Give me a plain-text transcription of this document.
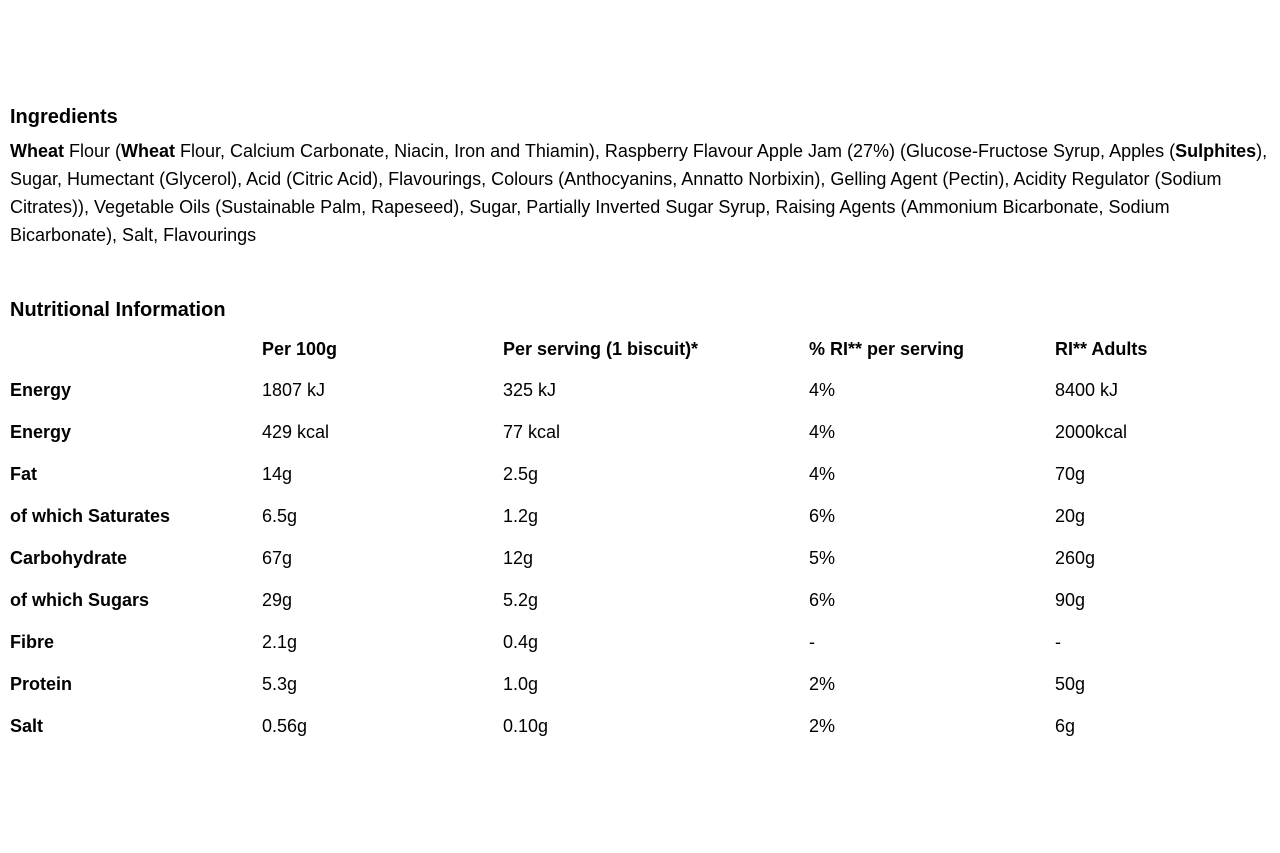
Ingredients

Wheat Flour (Wheat Flour, Calcium Carbonate, Niacin, Iron and Thiamin), Raspberry Flavour Apple Jam (27%) (Glucose-Fructose Syrup, Apples (Sulphites), Sugar, Humectant (Glycerol), Acid (Citric Acid), Flavourings, Colours (Anthocyanins, Annatto Norbixin), Gelling Agent (Pectin), Acidity Regulator (Sodium Citrates)), Vegetable Oils (Sustainable Palm, Rapeseed), Sugar, Partially Inverted Sugar Syrup, Raising Agents (Ammonium Bicarbonate, Sodium Bicarbonate), Salt, Flavourings

Nutritional Information
	Per 100g	Per serving (1 biscuit)*	% RI** per serving	RI** Adults
Energy	1807 kJ	325 kJ	4%	8400 kJ
Energy	429 kcal	77 kcal	4%	2000kcal
Fat	14g	2.5g	4%	70g
of which Saturates	6.5g	1.2g	6%	20g
Carbohydrate	67g	12g	5%	260g
of which Sugars	29g	5.2g	6%	90g
Fibre	2.1g	0.4g	-	-
Protein	5.3g	1.0g	2%	50g
Salt	0.56g	0.10g	2%	6g
